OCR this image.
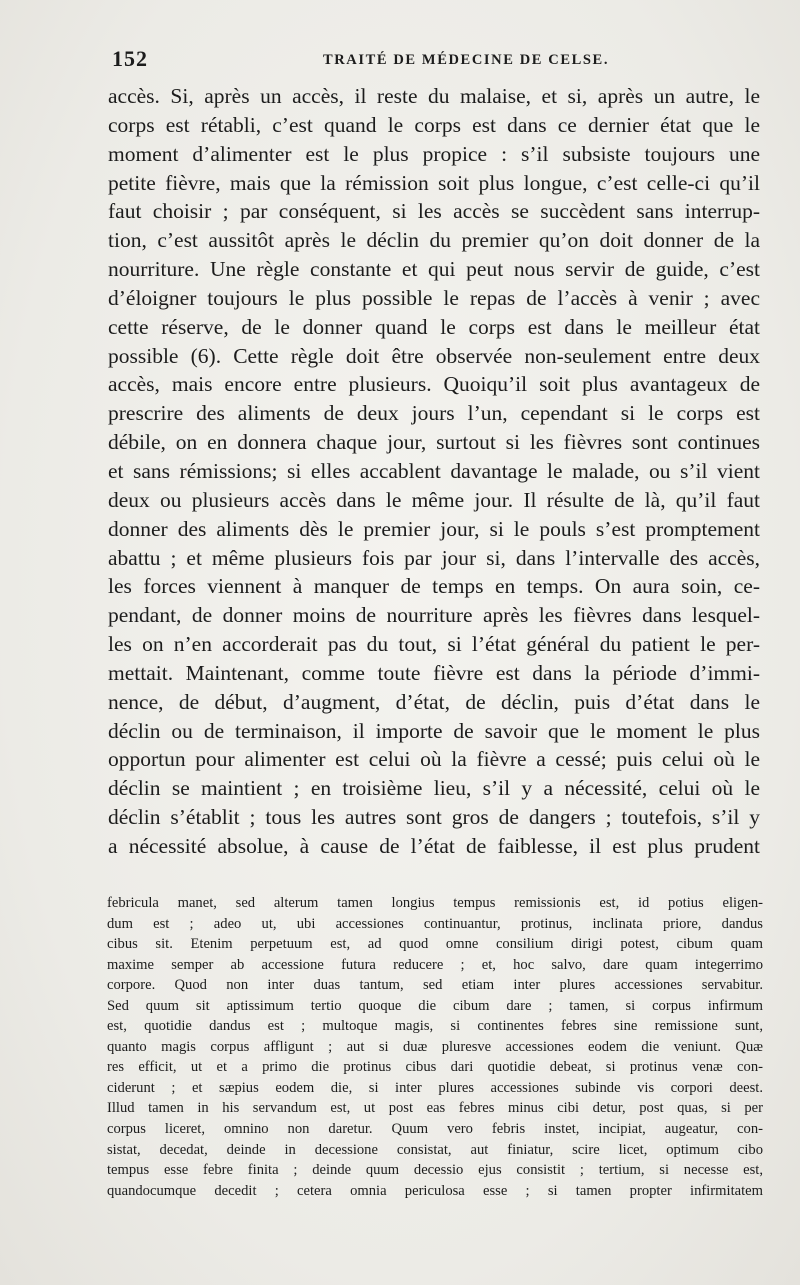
152	TRAITÉ DE MÉDECINE DE CELSE.
accès. Si, après un accès, il reste du malaise, et si, après un autre, le
corps est rétabli, c’est quand le corps est dans ce dernier état que le
moment d’alimenter est le plus propice : s’il subsiste toujours une
petite fièvre, mais que la rémission soit plus longue, c’est celle-ci qu’il
faut choisir ; par conséquent, si les accès se succèdent sans interrup-
tion, c’est aussitôt après le déclin du premier qu’on doit donner de la
nourriture. Une règle constante et qui peut nous servir de guide, c’est
d’éloigner toujours le plus possible le repas de l’accès à venir ; avec
cette réserve, de le donner quand le corps est dans le meilleur état
possible (6). Cette règle doit être observée non-seulement entre deux
accès, mais encore entre plusieurs. Quoiqu’il soit plus avantageux de
prescrire des aliments de deux jours l’un, cependant si le corps est
débile, on en donnera chaque jour, surtout si les fièvres sont continues
et sans rémissions; si elles accablent davantage le malade, ou s’il vient
deux ou plusieurs accès dans le même jour. Il résulte de là, qu’il faut
donner des aliments dès le premier jour, si le pouls s’est promptement
abattu ; et même plusieurs fois par jour si, dans l’intervalle des accès,
les forces viennent à manquer de temps en temps. On aura soin, ce-
pendant, de donner moins de nourriture après les fièvres dans lesquel-
les on n’en accorderait pas du tout, si l’état général du patient le per-
mettait. Maintenant, comme toute fièvre est dans la période d’immi-
nence, de début, d’augment, d’état, de déclin, puis d’état dans le
déclin ou de terminaison, il importe de savoir que le moment le plus
opportun pour alimenter est celui où la fièvre a cessé; puis celui où le
déclin se maintient ; en troisième lieu, s’il y a nécessité, celui où le
déclin s’établit ; tous les autres sont gros de dangers ; toutefois, s’il y
a nécessité absolue, à cause de l’état de faiblesse, il est plus prudent
febricula manet, sed alterum tamen longius tempus remissionis est, id potius eligen-
dum est ; adeo ut, ubi accessiones continuantur, protinus, inclinata priore, dandus
cibus sit. Etenim perpetuum est, ad quod omne consilium dirigi potest, cibum quam
maxime semper ab accessione futura reducere ; et, hoc salvo, dare quam integerrimo
corpore. Quod non inter duas tantum, sed etiam inter plures accessiones servabitur.
Sed quum sit aptissimum tertio quoque die cibum dare ; tamen, si corpus infirmum
est, quotidie dandus est ; multoque magis, si continentes febres sine remissione sunt,
quanto magis corpus affligunt ; aut si duæ pluresve accessiones eodem die veniunt. Quæ
res efficit, ut et a primo die protinus cibus dari quotidie debeat, si protinus venæ con-
ciderunt ; et sæpius eodem die, si inter plures accessiones subinde vis corpori deest.
Illud tamen in his servandum est, ut post eas febres minus cibi detur, post quas, si per
corpus liceret, omnino non daretur. Quum vero febris instet, incipiat, augeatur, con-
sistat, decedat, deinde in decessione consistat, aut finiatur, scire licet, optimum cibo
tempus esse febre finita ; deinde quum decessio ejus consistit ; tertium, si necesse est,
quandocumque decedit ; cetera omnia periculosa esse ; si tamen propter infirmitatem
